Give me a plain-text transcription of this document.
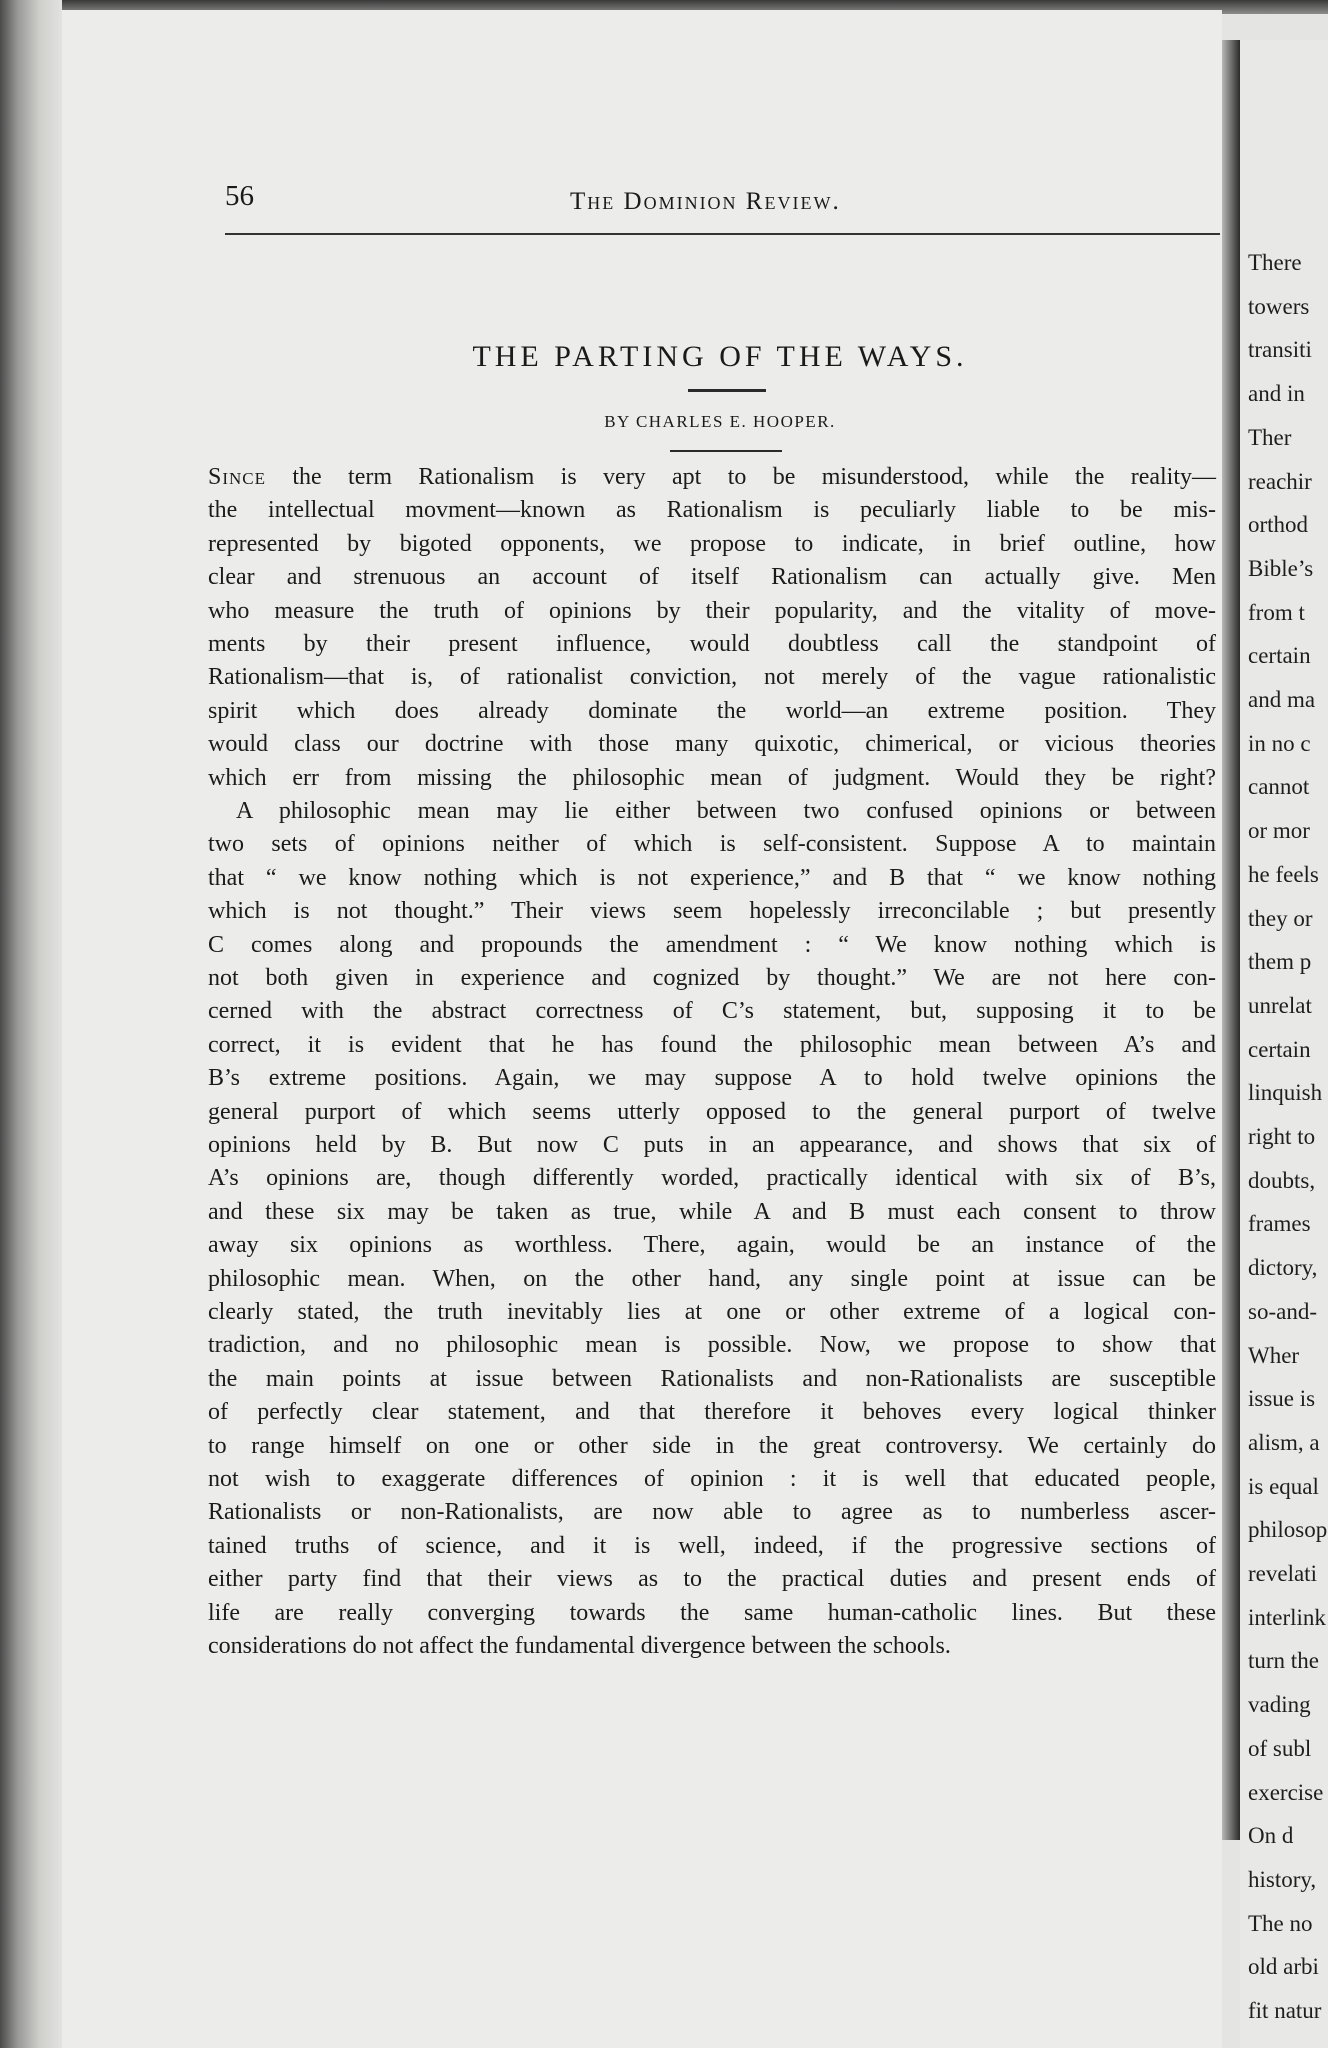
There
towers
transiti
and in
Ther
reachir
orthod
Bible’s
from t
certain
and ma
in no c
cannot
or mor
he feels
they or
them p
unrelat
certain
linquish
right to
doubts,
frames
dictory,
so-and-
Wher
issue is
alism, a
is equal
philosop
revelati
interlink
turn the
vading
of subl
exercise
On d
history,
The no
old arbi
fit natur
56	The Dominion Review.
THE PARTING OF THE WAYS.
BY CHARLES E. HOOPER.
Since the term Rationalism is very apt to be misunderstood, while the reality—
the intellectual movment—known as Rationalism is peculiarly liable to be mis-
represented by bigoted opponents, we propose to indicate, in brief outline, how
clear and strenuous an account of itself Rationalism can actually give. Men
who measure the truth of opinions by their popularity, and the vitality of move-
ments by their present influence, would doubtless call the standpoint of
Rationalism—that is, of rationalist conviction, not merely of the vague rationalistic
spirit which does already dominate the world—an extreme position. They
would class our doctrine with those many quixotic, chimerical, or vicious theories
which err from missing the philosophic mean of judgment. Would they be right?
A philosophic mean may lie either between two confused opinions or between
two sets of opinions neither of which is self-consistent. Suppose A to maintain
that “ we know nothing which is not experience,” and B that “ we know nothing
which is not thought.” Their views seem hopelessly irreconcilable ; but presently
C comes along and propounds the amendment : “ We know nothing which is
not both given in experience and cognized by thought.” We are not here con-
cerned with the abstract correctness of C’s statement, but, supposing it to be
correct, it is evident that he has found the philosophic mean between A’s and
B’s extreme positions. Again, we may suppose A to hold twelve opinions the
general purport of which seems utterly opposed to the general purport of twelve
opinions held by B. But now C puts in an appearance, and shows that six of
A’s opinions are, though differently worded, practically identical with six of B’s,
and these six may be taken as true, while A and B must each consent to throw
away six opinions as worthless. There, again, would be an instance of the
philosophic mean. When, on the other hand, any single point at issue can be
clearly stated, the truth inevitably lies at one or other extreme of a logical con-
tradiction, and no philosophic mean is possible. Now, we propose to show that
the main points at issue between Rationalists and non-Rationalists are susceptible
of perfectly clear statement, and that therefore it behoves every logical thinker
to range himself on one or other side in the great controversy. We certainly do
not wish to exaggerate differences of opinion : it is well that educated people,
Rationalists or non-Rationalists, are now able to agree as to numberless ascer-
tained truths of science, and it is well, indeed, if the progressive sections of
either party find that their views as to the practical duties and present ends of
life are really converging towards the same human-catholic lines. But these
considerations do not affect the fundamental divergence between the schools.
